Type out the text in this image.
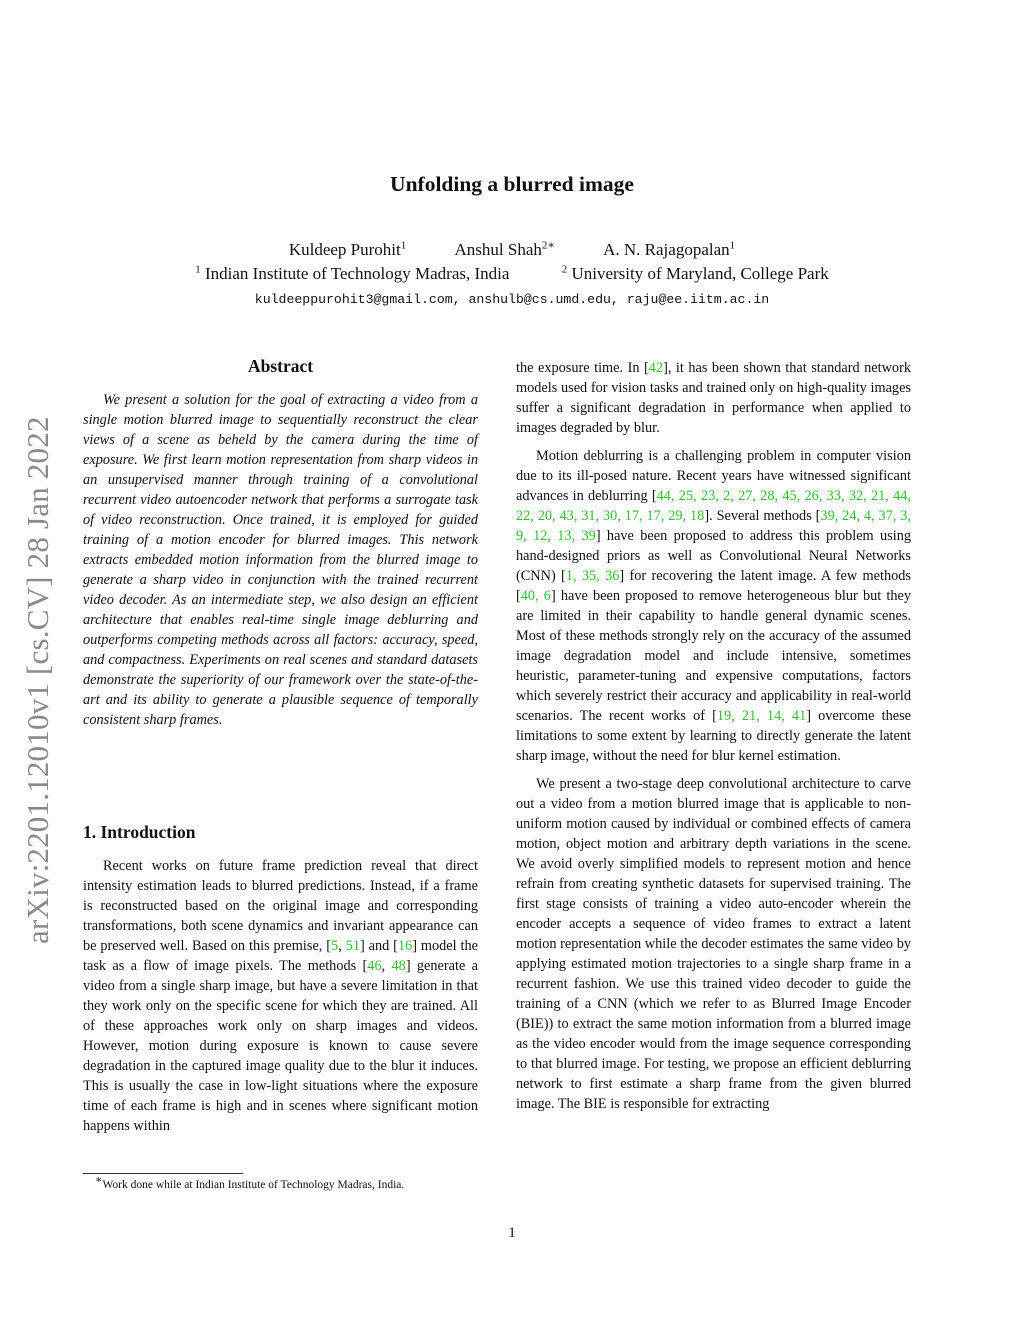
Unfolding a blurred image
Kuldeep Purohit$^1$	Anshul Shah$^{2∗}$	A. N. Rajagopalan$^1$
$^1$ Indian Institute of Technology Madras, India	$^2$ University of Maryland, College Park
kuldeeppurohit3@gmail.com, anshulb@cs.umd.edu, raju@ee.iitm.ac.in
arXiv:2201.12010v1 [cs.CV] 28 Jan 2022
Abstract

We present a solution for the goal of extracting a video from a single motion blurred image to sequentially reconstruct the clear views of a scene as beheld by the camera during the time of exposure. We first learn motion representation from sharp videos in an unsupervised manner through training of a convolutional recurrent video autoencoder network that performs a surrogate task of video reconstruction. Once trained, it is employed for guided training of a motion encoder for blurred images. This network extracts embedded motion information from the blurred image to generate a sharp video in conjunction with the trained recurrent video decoder. As an intermediate step, we also design an efficient architecture that enables real-time single image deblurring and outperforms competing methods across all factors: accuracy, speed, and compactness. Experiments on real scenes and standard datasets demonstrate the superiority of our framework over the state-of-the-art and its ability to generate a plausible sequence of temporally consistent sharp frames.

1. Introduction

Recent works on future frame prediction reveal that direct intensity estimation leads to blurred predictions. Instead, if a frame is reconstructed based on the original image and corresponding transformations, both scene dynamics and invariant appearance can be preserved well. Based on this premise, [5, 51] and [16] model the task as a flow of image pixels. The methods [46, 48] generate a video from a single sharp image, but have a severe limitation in that they work only on the specific scene for which they are trained. All of these approaches work only on sharp images and videos. However, motion during exposure is known to cause severe degradation in the captured image quality due to the blur it induces. This is usually the case in low-light situations where the exposure time of each frame is high and in scenes where significant motion happens within

the exposure time. In [42], it has been shown that standard network models used for vision tasks and trained only on high-quality images suffer a significant degradation in performance when applied to images degraded by blur.

Motion deblurring is a challenging problem in computer vision due to its ill-posed nature. Recent years have witnessed significant advances in deblurring [44, 25, 23, 2, 27, 28, 45, 26, 33, 32, 21, 44, 22, 20, 43, 31, 30, 17, 17, 29, 18]. Several methods [39, 24, 4, 37, 3, 9, 12, 13, 39] have been proposed to address this problem using hand-designed priors as well as Convolutional Neural Networks (CNN) [1, 35, 36] for recovering the latent image. A few methods [40, 6] have been proposed to remove heterogeneous blur but they are limited in their capability to handle general dynamic scenes. Most of these methods strongly rely on the accuracy of the assumed image degradation model and include intensive, sometimes heuristic, parameter-tuning and expensive computations, factors which severely restrict their accuracy and applicability in real-world scenarios. The recent works of [19, 21, 14, 41] overcome these limitations to some extent by learning to directly generate the latent sharp image, without the need for blur kernel estimation.

We present a two-stage deep convolutional architecture to carve out a video from a motion blurred image that is applicable to non-uniform motion caused by individual or combined effects of camera motion, object motion and arbitrary depth variations in the scene. We avoid overly simplified models to represent motion and hence refrain from creating synthetic datasets for supervised training. The first stage consists of training a video auto-encoder wherein the encoder accepts a sequence of video frames to extract a latent motion representation while the decoder estimates the same video by applying estimated motion trajectories to a single sharp frame in a recurrent fashion. We use this trained video decoder to guide the training of a CNN (which we refer to as Blurred Image Encoder (BIE)) to extract the same motion information from a blurred image as the video encoder would from the image sequence corresponding to that blurred image. For testing, we propose an efficient deblurring network to first estimate a sharp frame from the given blurred image. The BIE is responsible for extracting

∗Work done while at Indian Institute of Technology Madras, India.
1
